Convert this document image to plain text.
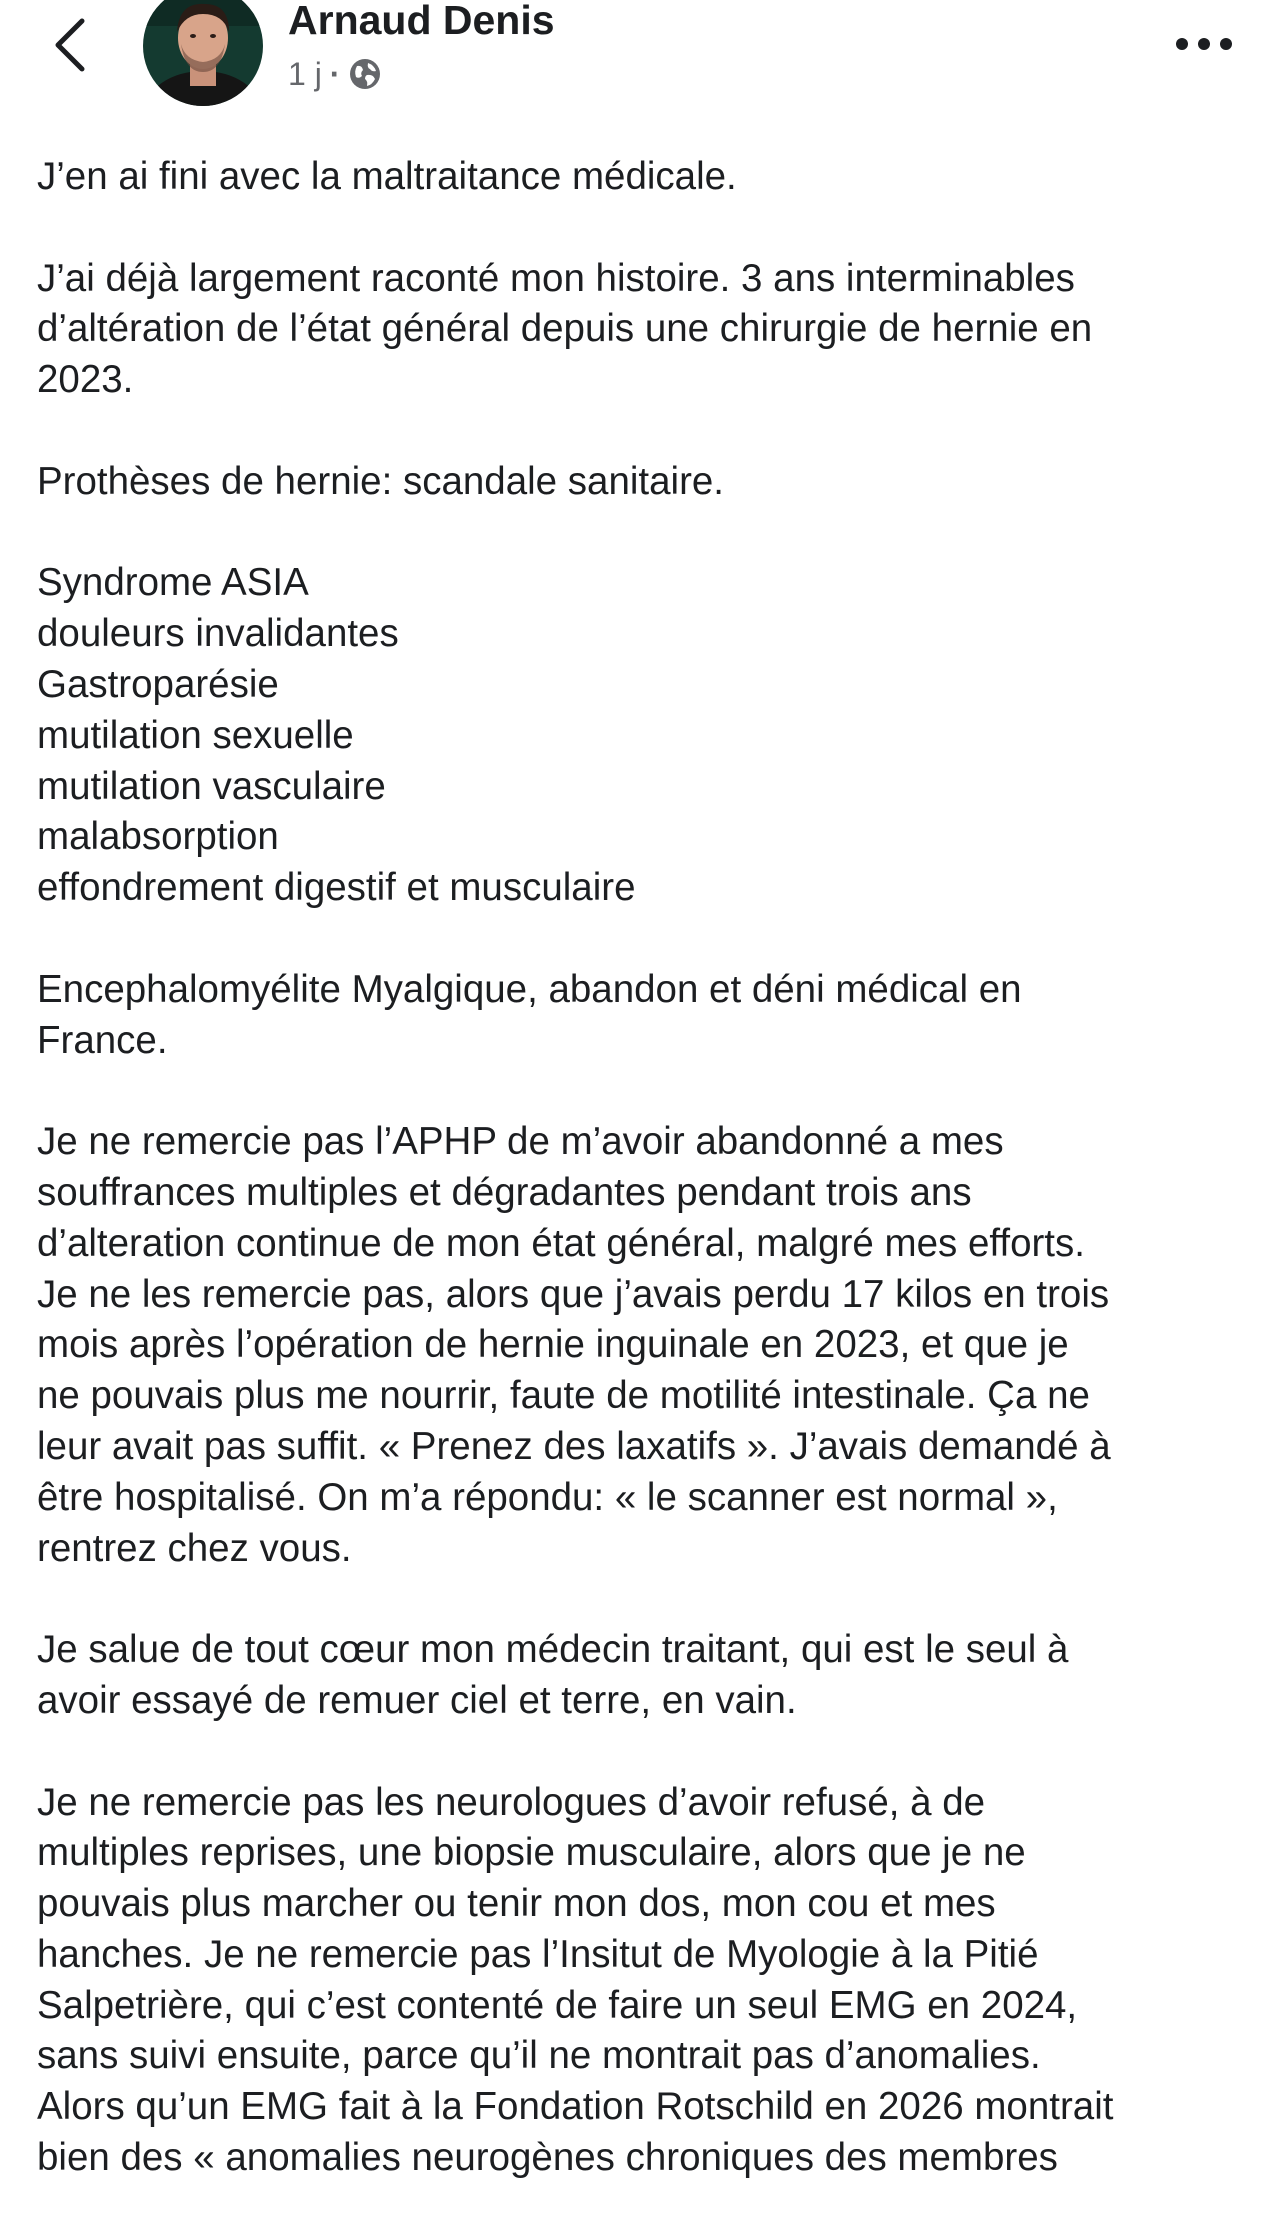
Arnaud Denis
1 j ·
J’en ai fini avec la maltraitance médicale.
J’ai déjà largement raconté mon histoire. 3 ans interminables
d’altération de l’état général depuis une chirurgie de hernie en
2023.
Prothèses de hernie: scandale sanitaire.
Syndrome ASIA
douleurs invalidantes
Gastroparésie
mutilation sexuelle
mutilation vasculaire
malabsorption
effondrement digestif et musculaire
Encephalomyélite Myalgique, abandon et déni médical en
France.
Je ne remercie pas l’APHP de m’avoir abandonné a mes
souffrances multiples et dégradantes pendant trois ans
d’alteration continue de mon état général, malgré mes efforts.
Je ne les remercie pas, alors que j’avais perdu 17 kilos en trois
mois après l’opération de hernie inguinale en 2023, et que je
ne pouvais plus me nourrir, faute de motilité intestinale. Ça ne
leur avait pas suffit. « Prenez des laxatifs ». J’avais demandé à
être hospitalisé. On m’a répondu: « le scanner est normal »,
rentrez chez vous.
Je salue de tout cœur mon médecin traitant, qui est le seul à
avoir essayé de remuer ciel et terre, en vain.
Je ne remercie pas les neurologues d’avoir refusé, à de
multiples reprises, une biopsie musculaire, alors que je ne
pouvais plus marcher ou tenir mon dos, mon cou et mes
hanches. Je ne remercie pas l’Insitut de Myologie à la Pitié
Salpetrière, qui c’est contenté de faire un seul EMG en 2024,
sans suivi ensuite, parce qu’il ne montrait pas d’anomalies.
Alors qu’un EMG fait à la Fondation Rotschild en 2026 montrait
bien des « anomalies neurogènes chroniques des membres
